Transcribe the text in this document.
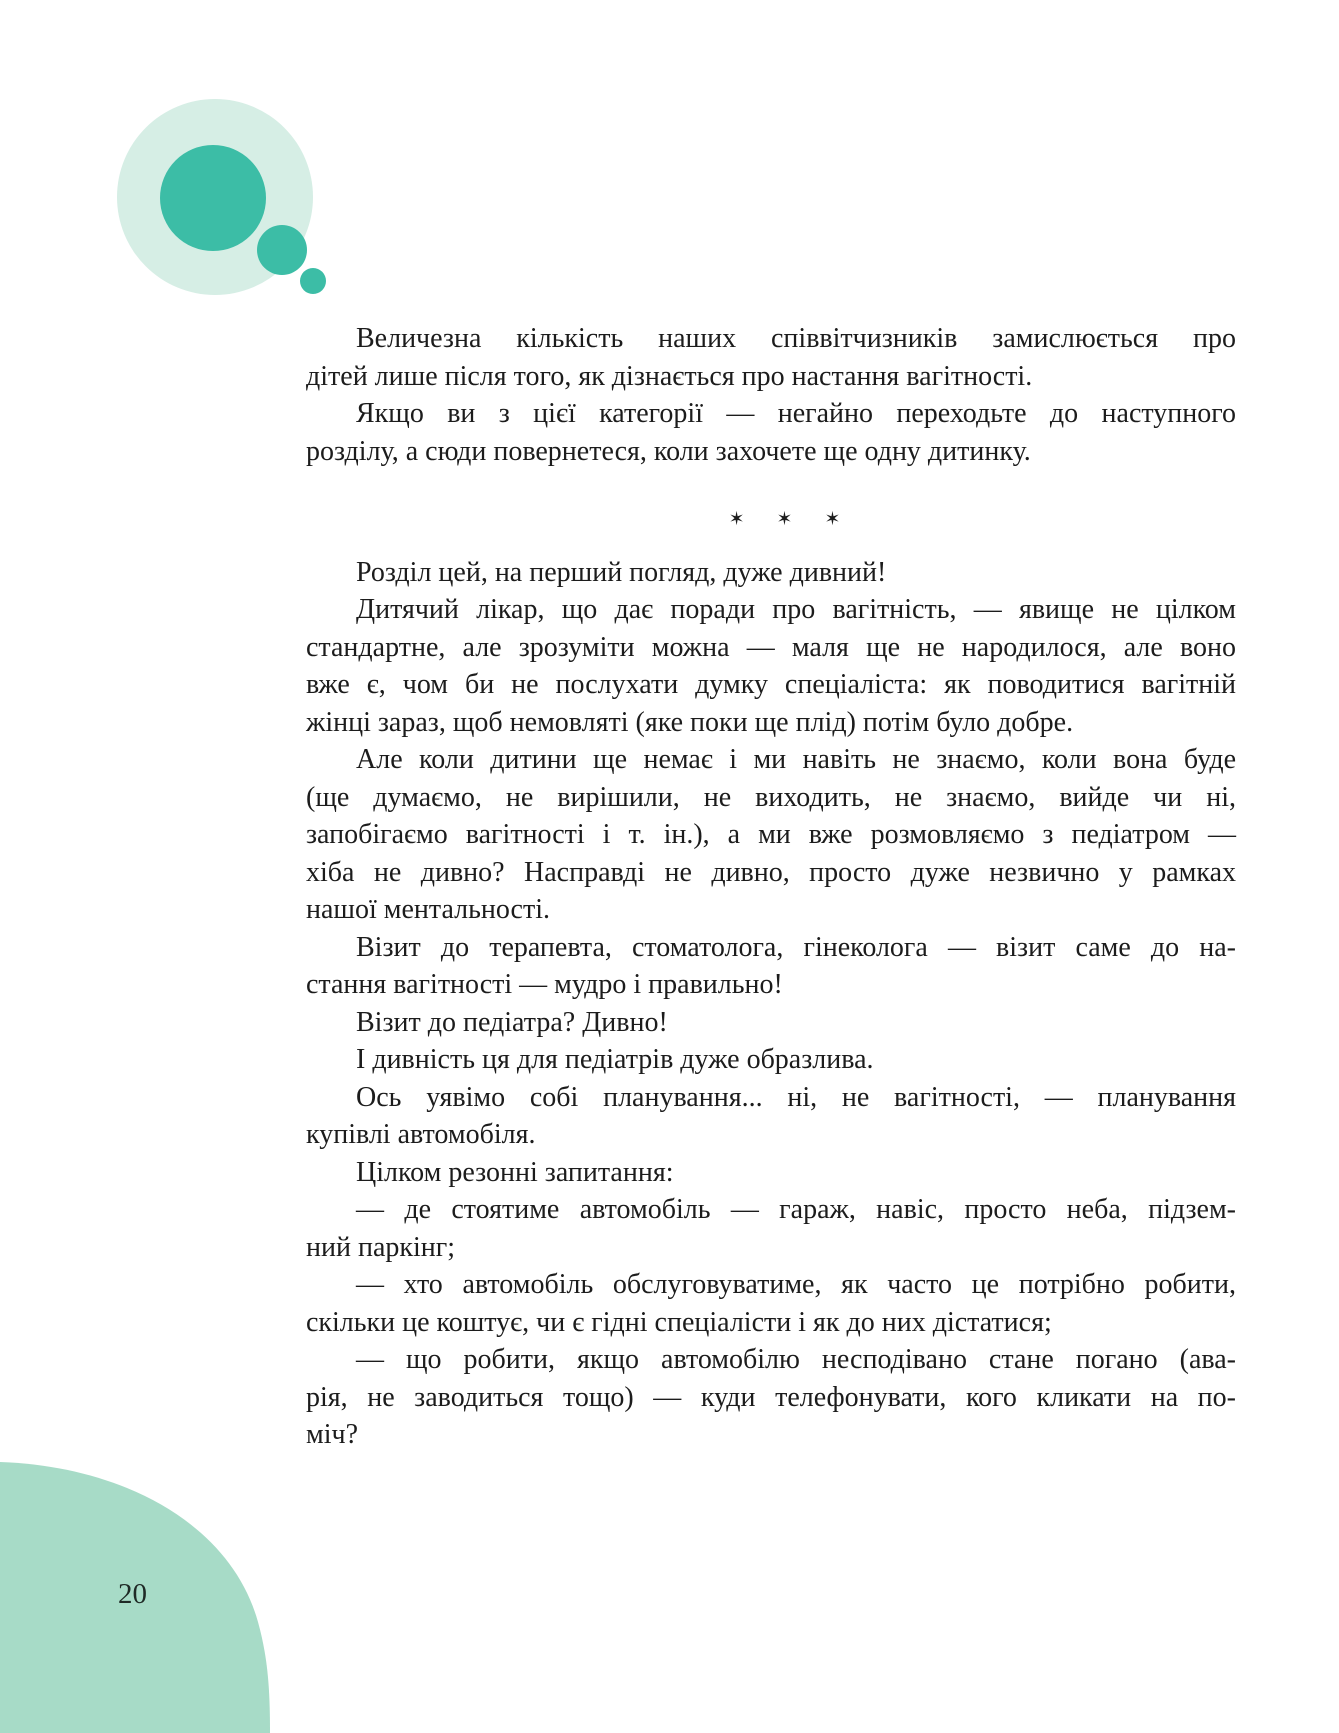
Величезна кількість наших співвітчизників замислюється про
дітей лише після того, як дізнається про настання вагітності.
Якщо ви з цієї категорії — негайно переходьте до наступного
розділу, а сюди повернетеся, коли захочете ще одну дитинку.
✶ ✶ ✶
Розділ цей, на перший погляд, дуже дивний!
Дитячий лікар, що дає поради про вагітність, — явище не цілком
стандартне, але зрозуміти можна — маля ще не народилося, але воно
вже є, чом би не послухати думку спеціаліста: як поводитися вагітній
жінці зараз, щоб немовляті (яке поки ще плід) потім було добре.
Але коли дитини ще немає і ми навіть не знаємо, коли вона буде
(ще думаємо, не вирішили, не виходить, не знаємо, вийде чи ні,
запобігаємо вагітності і т. ін.), а ми вже розмовляємо з педіатром —
хіба не дивно? Насправді не дивно, просто дуже незвично у рамках
нашої ментальності.
Візит до терапевта, стоматолога, гінеколога — візит саме до на-
стання вагітності — мудро і правильно!
Візит до педіатра? Дивно!
І дивність ця для педіатрів дуже образлива.
Ось уявімо собі планування... ні, не вагітності, — планування
купівлі автомобіля.
Цілком резонні запитання:
— де стоятиме автомобіль — гараж, навіс, просто неба, підзем-
ний паркінг;
— хто автомобіль обслуговуватиме, як часто це потрібно робити,
скільки це коштує, чи є гідні спеціалісти і як до них дістатися;
— що робити, якщо автомобілю несподівано стане погано (ава-
рія, не заводиться тощо) — куди телефонувати, кого кликати на по-
міч?
20
